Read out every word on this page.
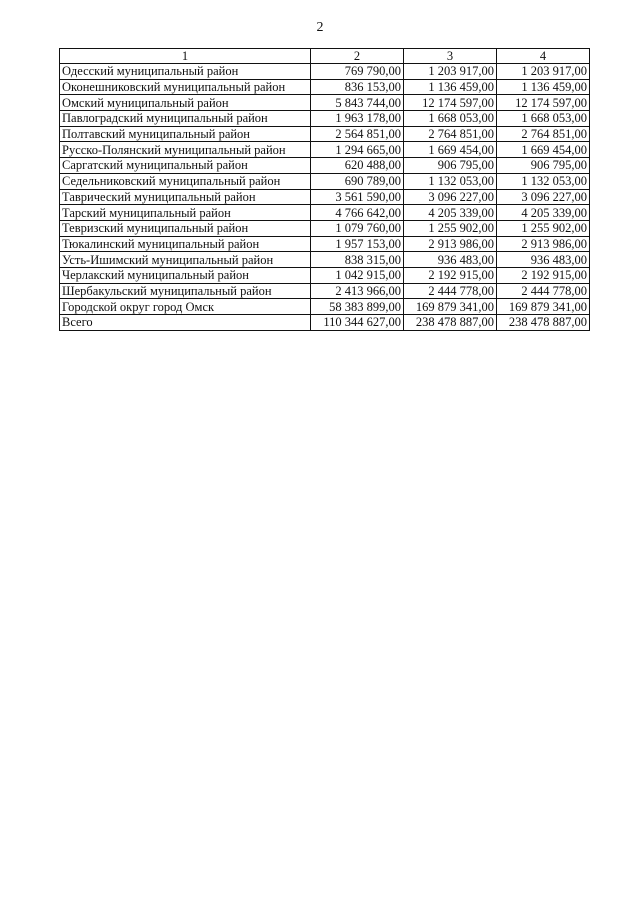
2
1	2	3	4
Одесский муниципальный район	769 790,00	1 203 917,00	1 203 917,00
Оконешниковский муниципальный район	836 153,00	1 136 459,00	1 136 459,00
Омский муниципальный район	5 843 744,00	12 174 597,00	12 174 597,00
Павлоградский муниципальный район	1 963 178,00	1 668 053,00	1 668 053,00
Полтавский муниципальный район	2 564 851,00	2 764 851,00	2 764 851,00
Русско-Полянский муниципальный район	1 294 665,00	1 669 454,00	1 669 454,00
Саргатский муниципальный район	620 488,00	906 795,00	906 795,00
Седельниковский муниципальный район	690 789,00	1 132 053,00	1 132 053,00
Таврический муниципальный район	3 561 590,00	3 096 227,00	3 096 227,00
Тарский муниципальный район	4 766 642,00	4 205 339,00	4 205 339,00
Тевризский муниципальный район	1 079 760,00	1 255 902,00	1 255 902,00
Тюкалинский муниципальный район	1 957 153,00	2 913 986,00	2 913 986,00
Усть-Ишимский муниципальный район	838 315,00	936 483,00	936 483,00
Черлакский муниципальный район	1 042 915,00	2 192 915,00	2 192 915,00
Шербакульский муниципальный район	2 413 966,00	2 444 778,00	2 444 778,00
Городской округ город Омск	58 383 899,00	169 879 341,00	169 879 341,00
Всего	110 344 627,00	238 478 887,00	238 478 887,00
